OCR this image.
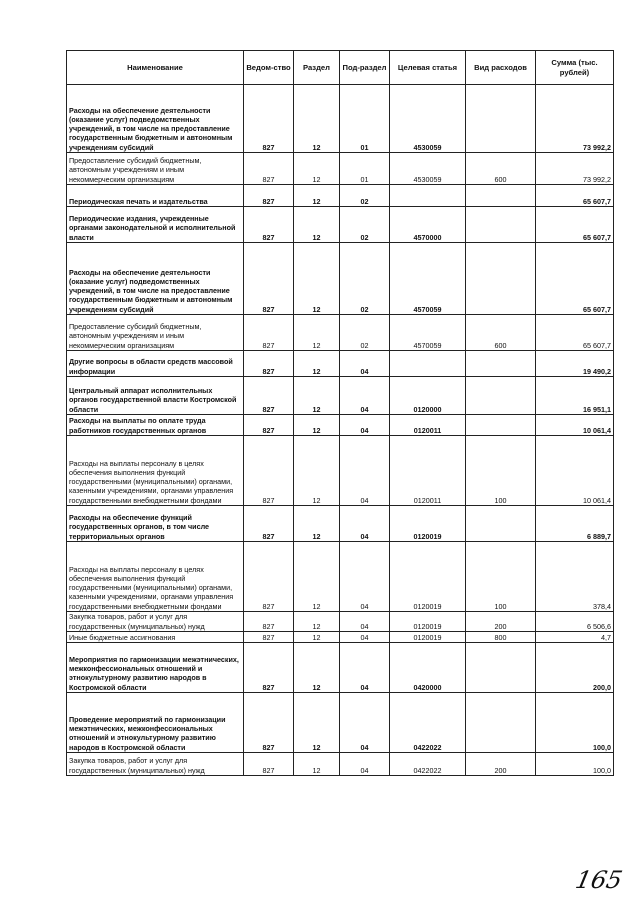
Наименование	Ведом-ство	Раздел	Под-раздел	Целевая статья	Вид расходов	Сумма (тыс. рублей)
Расходы на обеспечение деятельности (оказание услуг) подведомственных учреждений, в том числе на предоставление государственным бюджетным и автономным учреждениям субсидий	827	12	01	4530059		73 992,2
Предоставление субсидий бюджетным, автономным учреждениям и иным некоммерческим организациям	827	12	01	4530059	600	73 992,2
Периодическая печать и издательства	827	12	02			65 607,7
Периодические издания, учрежденные органами законодательной и исполнительной власти	827	12	02	4570000		65 607,7
Расходы на обеспечение деятельности (оказание услуг) подведомственных учреждений, в том числе на предоставление государственным бюджетным и автономным учреждениям субсидий	827	12	02	4570059		65 607,7
Предоставление субсидий бюджетным, автономным учреждениям и иным некоммерческим организациям	827	12	02	4570059	600	65 607,7
Другие вопросы в области средств массовой информации	827	12	04			19 490,2
Центральный аппарат исполнительных органов государственной власти Костромской области	827	12	04	0120000		16 951,1
Расходы на выплаты по оплате труда работников государственных органов	827	12	04	0120011		10 061,4
Расходы на выплаты персоналу в целях обеспечения выполнения функций государственными (муниципальными) органами, казенными учреждениями, органами управления государственными внебюджетными фондами	827	12	04	0120011	100	10 061,4
Расходы на обеспечение функций государственных органов, в том числе территориальных органов	827	12	04	0120019		6 889,7
Расходы на выплаты персоналу в целях обеспечения выполнения функций государственными (муниципальными) органами, казенными учреждениями, органами управления государственными внебюджетными фондами	827	12	04	0120019	100	378,4
Закупка товаров, работ и услуг для государственных (муниципальных) нужд	827	12	04	0120019	200	6 506,6
Иные бюджетные ассигнования	827	12	04	0120019	800	4,7
Мероприятия по гармонизации межэтнических, межконфессиональных отношений и этнокультурному развитию народов в Костромской области	827	12	04	0420000		200,0
Проведение мероприятий по гармонизации межэтнических, межконфессиональных отношений и этнокультурному развитию народов в Костромской области	827	12	04	0422022		100,0
Закупка товаров, работ и услуг для государственных (муниципальных) нужд	827	12	04	0422022	200	100,0
165
